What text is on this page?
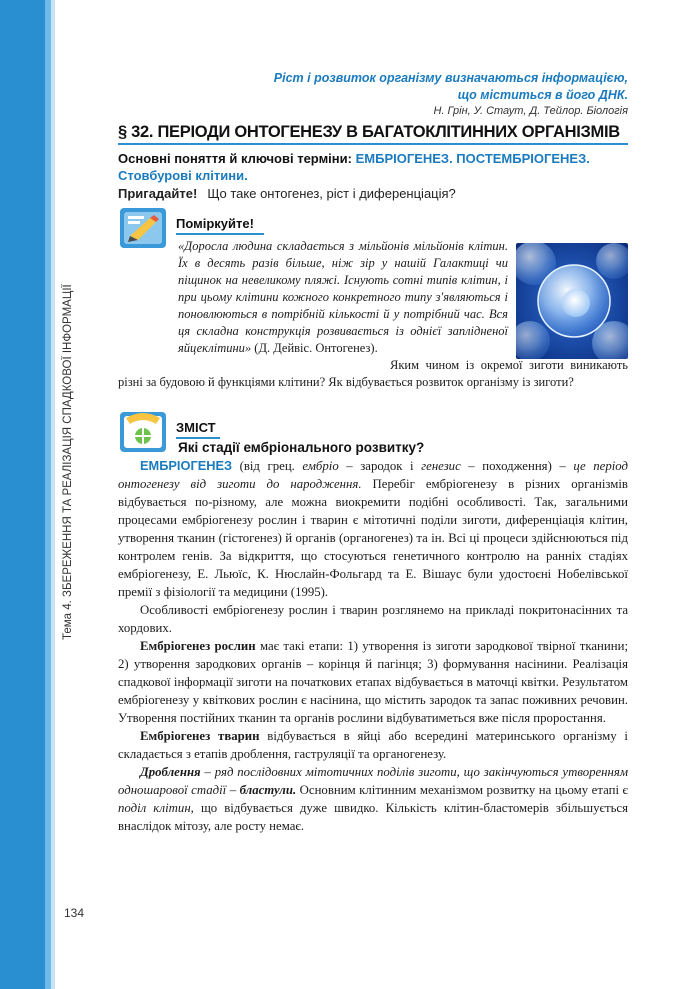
Тема 4. ЗБЕРЕЖЕННЯ ТА РЕАЛІЗАЦІЯ СПАДКОВОЇ ІНФОРМАЦІЇ
134
Ріст і розвиток організму визначаються інформацією,
що міститься в його ДНК.
Н. Грін, У. Стаут, Д. Тейлор. Біологія
§ 32. ПЕРІОДИ ОНТОГЕНЕЗУ В БАГАТОКЛІТИННИХ ОРГАНІЗМІВ
Основні поняття й ключові терміни: ЕМБРІОГЕНЕЗ. ПОСТЕМБРІОГЕНЕЗ. Стовбурові клітини.
Пригадайте! Що таке онтогенез, ріст і диференціація?
Поміркуйте!
«Доросла людина складається з мільйонів мільйонів клітин. Їх в десять разів більше, ніж зір у нашій Галактиці чи піщинок на невеликому пляжі. Існують сотні типів клітин, і при цьому клітини кожного конкретного типу з'являються і поновлюються в потрібній кількості й у потрібний час. Вся ця складна конструкція розвивається із однієї заплідненої яйцеклітини» (Д. Дейвіс. Онтогенез).
Яким чином із окремої зиготи виникають різні за будовою й функціями клітини? Як відбувається розвиток організму із зиготи?
ЗМІСТ
Які стадії ембріонального розвитку?

ЕМБРІОГЕНЕЗ (від грец. ембріо – зародок і генезис – походження) – це період онтогенезу від зиготи до народження. Перебіг ембріогенезу в різних організмів відбувається по-різному, але можна виокремити подібні особливості. Так, загальними процесами ембріогенезу рослин і тварин є мітотичні поділи зиготи, диференціація клітин, утворення тканин (гістогенез) й органів (органогенез) та ін. Всі ці процеси здійснюються під контролем генів. За відкриття, що стосуються генетичного контролю на ранніх стадіях ембріогенезу, Е. Льюїс, К. Нюслайн-Фольгард та Е. Вішаус були удостоєні Нобелівської премії з фізіології та медицини (1995).

Особливості ембріогенезу рослин і тварин розглянемо на прикладі покритонасінних та хордових.

Ембріогенез рослин має такі етапи: 1) утворення із зиготи зародкової твірної тканини; 2) утворення зародкових органів – корінця й пагінця; 3) формування насінини. Реалізація спадкової інформації зиготи на початкових етапах відбувається в маточці квітки. Результатом ембріогенезу у квіткових рослин є насінина, що містить зародок та запас поживних речовин. Утворення постійних тканин та органів рослини відбуватиметься вже після проростання.

Ембріогенез тварин відбувається в яйці або всередині материнського організму і складається з етапів дроблення, гаструляції та органогенезу.

Дроблення – ряд послідовних мітотичних поділів зиготи, що закінчуються утворенням одношарової стадії – бластули. Основним клітинним механізмом розвитку на цьому етапі є поділ клітин, що відбувається дуже швидко. Кількість клітин-бластомерів збільшується внаслідок мітозу, але росту немає.
